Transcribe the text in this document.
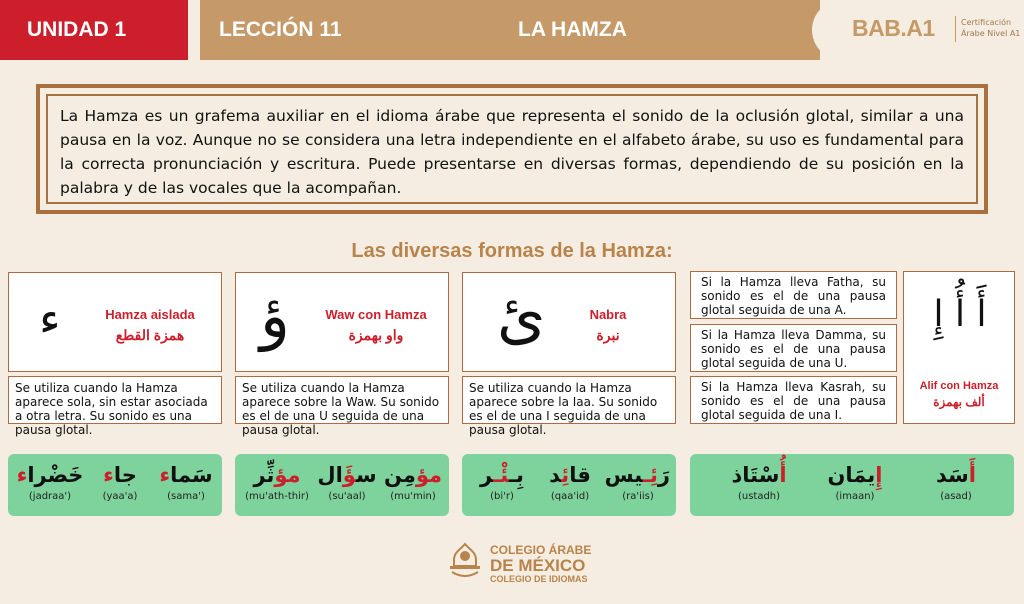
UNIDAD 1	LECCIÓN 11	LA HAMZA	BAB.A1	Certificación
Árabe Nivel A1
La Hamza es un grafema auxiliar en el idioma árabe que representa el sonido de la oclusión glotal, similar a una pausa en la voz. Aunque no se considera una letra independiente en el alfabeto árabe, su uso es fundamental para la correcta pronunciación y escritura. Puede presentarse en diversas formas, dependiendo de su posición en la palabra y de las vocales que la acompañan.
Las diversas formas de la Hamza:
ء	Hamza aislada
همزة القطع
Se utiliza cuando la Hamza aparece sola, sin estar asociada a otra letra. Su sonido es una pausa glotal.
ؤ	Waw con Hamza
واو بهمزة
Se utiliza cuando la Hamza aparece sobre la Waw. Su sonido es el de una U seguida de una pausa glotal.
ئ	Nabra
نبرة
Se utiliza cuando la Hamza aparece sobre la Iaa. Su sonido es el de una I seguida de una pausa glotal.
Si la Hamza lleva Fatha, su sonido es el de una pausa glotal seguida de una A.
Si la Hamza lleva Damma, su sonido es el de una pausa glotal seguida de una U.
Si la Hamza lleva Kasrah, su sonido es el de una pausa glotal seguida de una I.
أَ أُ إِ
Alif con Hamza
ألف بهمزة
سَماء
(sama')
جاء
(yaa'a)
خَضْراء
(jadraa')
مؤمِن
(mu'min)
سؤَال
(su'aal)
مؤثِّر
(mu'ath-thir)
رَئِـيس
(ra'iis)
قائِد
(qaa'id)
بِـئْـر
(bi'r)
أَسَد
(asad)
إِيمَان
(imaan)
أُسْتَاذ
(ustadh)
COLEGIO ÁRABE
DE MÉXICO
COLEGIO DE IDIOMAS
